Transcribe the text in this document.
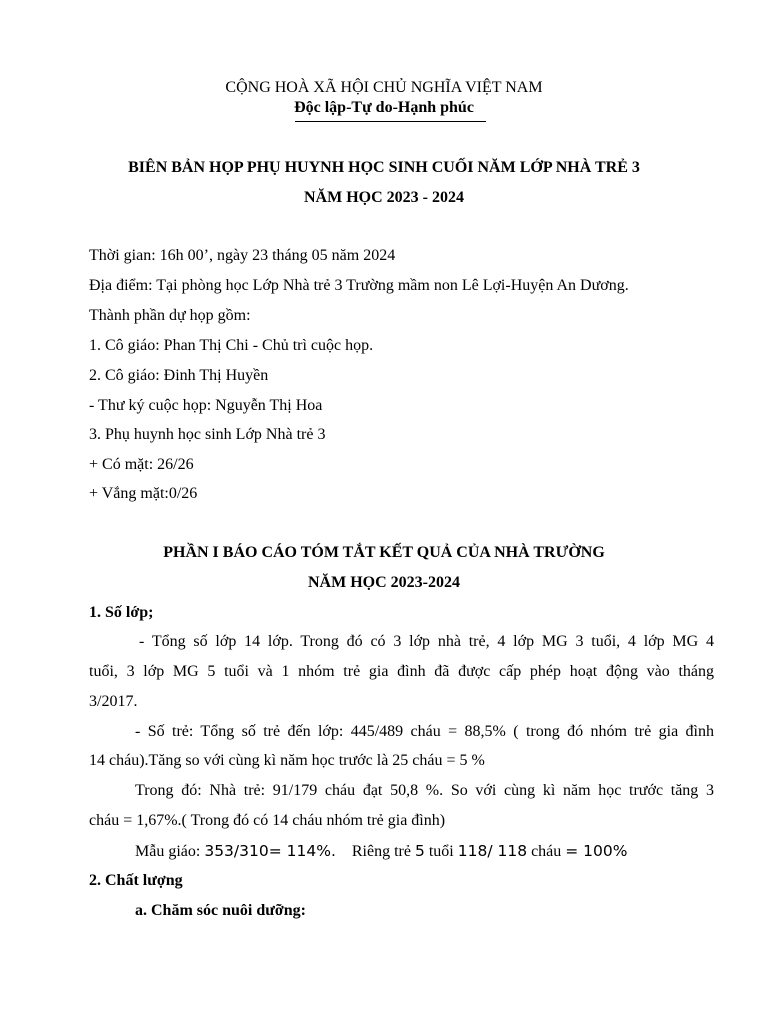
CỘNG HOÀ XÃ HỘI CHỦ NGHĨA VIỆT NAM
Độc lập-Tự do-Hạnh phúc
BIÊN BẢN HỌP PHỤ HUYNH HỌC SINH CUỐI NĂM LỚP NHÀ TRẺ 3
NĂM HỌC 2023 - 2024
Thời gian: 16h 00’, ngày 23 tháng 05 năm 2024
Địa điểm: Tại phòng học Lớp Nhà trẻ 3 Trường mầm non Lê Lợi-Huyện An Dương.
Thành phần dự họp gồm:
1. Cô giáo: Phan Thị Chi - Chủ trì cuộc họp.
2. Cô giáo: Đinh Thị Huyền
- Thư ký cuộc họp: Nguyễn Thị Hoa
3. Phụ huynh học sinh Lớp Nhà trẻ 3
+ Có mặt: 26/26
+ Vắng mặt:0/26
PHẦN I BÁO CÁO TÓM TẮT KẾT QUẢ CỦA NHÀ TRƯỜNG
NĂM HỌC 2023-2024
1. Số lớp;
- Tổng số lớp 14 lớp. Trong đó có 3 lớp nhà trẻ, 4 lớp MG 3 tuổi, 4 lớp MG 4
tuổi, 3 lớp MG 5 tuổi và 1 nhóm trẻ gia đình đã được cấp phép hoạt động vào tháng
3/2017.
- Số trẻ: Tổng số trẻ đến lớp: 445/489 cháu = 88,5% ( trong đó nhóm trẻ gia đình
14 cháu).Tăng so với cùng kì năm học trước là 25 cháu = 5 %
Trong đó: Nhà trẻ: 91/179 cháu đạt 50,8 %. So với cùng kì năm học trước tăng 3
cháu = 1,67%.( Trong đó có 14 cháu nhóm trẻ gia đình)
Mẫu giáo: 353/310= 114%. Riêng trẻ 5 tuổi 118/ 118 cháu = 100%
2. Chất lượng
a. Chăm sóc nuôi dưỡng:
